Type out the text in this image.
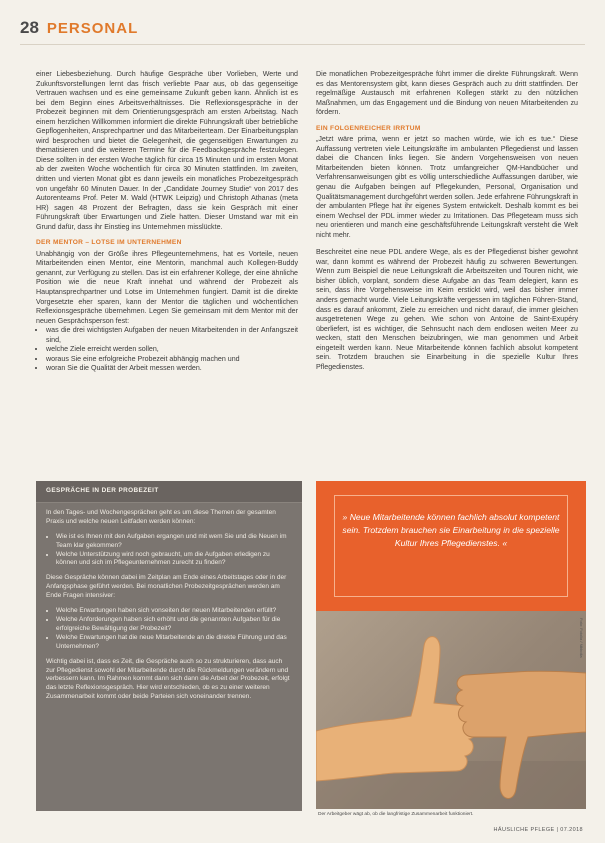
28 PERSONAL

einer Liebesbeziehung. Durch häufige Gespräche über Vorlieben, Werte und Zukunftsvorstellungen lernt das frisch verliebte Paar aus, ob das gegenseitige Vertrauen wachsen und es eine gemeinsame Zukunft geben kann. Ähnlich ist es bei dem Beginn eines Arbeitsverhältnisses. Die Reflexionsgespräche in der Probezeit beginnen mit dem Orientierungsgespräch am ersten Arbeitstag. Nach einem herzlichen Willkommen informiert die direkte Führungskraft über betriebliche Gepflogenheiten, Ansprechpartner und das Mitarbeiterteam. Der Einarbeitungsplan wird besprochen und bietet die Gelegenheit, die gegenseitigen Erwartungen zu thematisieren und die weiteren Termine für die Feedbackgespräche festzulegen. Diese sollten in der ersten Woche täglich für circa 15 Minuten und im ersten Monat ab der zweiten Woche wöchentlich für circa 30 Minuten stattfinden. Im zweiten, dritten und vierten Monat gibt es dann jeweils ein monatliches Probezeitgespräch von ungefähr 60 Minuten Dauer. In der „Candidate Journey Studie“ von 2017 des Autorenteams Prof. Peter M. Wald (HTWK Leipzig) und Christoph Athanas (meta HR) sagen 48 Prozent der Befragten, dass sie kein Gespräch mit einer Führungskraft über Erwartungen und Ziele hatten. Dieser Umstand war mit ein Grund dafür, dass ihr Einstieg ins Unternehmen misslückte.

DER MENTOR – LOTSE IM UNTERNEHMEN

Unabhängig von der Größe ihres Pflegeunternehmens, hat es Vorteile, neuen Mitarbeitenden einen Mentor, eine Mentorin, manchmal auch Kollegen-Buddy genannt, zur Verfügung zu stellen. Das ist ein erfahrener Kollege, der eine ähnliche Position wie die neue Kraft innehat und während der Probezeit als Hauptansprechpartner und Lotse im Unternehmen fungiert. Damit ist die direkte Vorgesetzte eher sparen, kann der Mentor die täglichen und wöchentlichen Reflexionsgespräche übernehmen. Legen Sie gemeinsam mit dem Mentor mit der neuen Gesprächsperson fest:

• was die drei wichtigsten Aufgaben der neuen Mitarbeitenden in der Anfangszeit sind,
• welche Ziele erreicht werden sollen,
• woraus Sie eine erfolgreiche Probezeit abhängig machen und
• woran Sie die Qualität der Arbeit messen werden.

Die monatlichen Probezeitgespräche führt immer die direkte Führungskraft. Wenn es das Mentorensystem gibt, kann dieses Gespräch auch zu dritt stattfinden. Der regelmäßige Austausch mit erfahrenen Kollegen stärkt zu den nützlichen Maßnahmen, um das Engagement und die Bindung von neuen Mitarbeitenden zu fördern.

EIN FOLGENREICHER IRRTUM

„Jetzt wäre prima, wenn er jetzt so machen würde, wie ich es tue.“ Diese Auffassung vertreten viele Leitungskräfte im ambulanten Pflegedienst und lassen dabei die Chancen links liegen. Sie ändern Vorgehensweisen von neuen Mitarbeitenden bieten können. Trotz umfangreicher QM-Handbücher und Verfahrensanweisungen gibt es völlig unterschiedliche Auffassungen darüber, wie genau die Aufgaben beingen auf Pflegekunden, Personal, Organisation und Qualitätsmanagement durchgeführt werden sollen. Jede erfahrene Führungskraft in der ambulanten Pflege hat ihr eigenes System entwickelt. Deshalb kommt es bei einem Wechsel der PDL immer wieder zu Irritationen. Das Pflegeteam muss sich neu orientieren und manch eine geschäftsführende Leitungskraft versteht die Welt nicht mehr.

Beschreitet eine neue PDL andere Wege, als es der Pflegedienst bisher gewohnt war, dann kommt es während der Probezeit häufig zu schweren Bewertungen. Wenn zum Beispiel die neue Leitungskraft die Arbeitszeiten und Touren nicht, wie bisher üblich, vorplant, sondern diese Aufgabe an das Team delegiert, kann es sein, dass ihre Vorgehensweise im Keim erstickt wird, weil das bisher immer anders gemacht wurde. Viele Leitungskräfte vergessen im täglichen Führen-Stand, dass es darauf ankommt, Ziele zu erreichen und nicht darauf, die immer gleichen ausgetretenen Wege zu gehen. Wie schon von Antoine de Saint-Exupéry überliefert, ist es wichtiger, die Sehnsucht nach dem endlosen weiten Meer zu wecken, statt den Menschen beizubringen, wie man genommen und Arbeit eingeteilt werden kann. Neue Mitarbeitende können fachlich absolut kompetent sein. Trotzdem brauchen sie Einarbeitung in die spezielle Kultur Ihres Pflegedienstes.

GESPRÄCHE IN DER PROBEZEIT

In den Tages- und Wochengesprächen geht es um diese Themen der gesamten Praxis und welche neuen Leitfaden werden können:

• Wie ist es Ihnen mit den Aufgaben ergangen und mit wem Sie und die Neuen im Team klar gekommen?
• Welche Unterstützung wird noch gebraucht, um die Aufgaben erledigen zu können und sich im Pflegeunternehmen zurecht zu finden?

Diese Gespräche können dabei im Zeitplan am Ende eines Arbeitstages oder in der Anfangsphase geführt werden. Bei monatlichen Probezeitgesprächen werden am Ende Fragen intensiver:

• Welche Erwartungen haben sich vonseiten der neuen Mitarbeitenden erfüllt?
• Welche Anforderungen haben sich erhöht und die genannten Aufgaben für die erfolgreiche Bewältigung der Probezeit?
• Welche Erwartungen hat die neue Mitarbeitende an die direkte Führung und das Unternehmen?

Wichtig dabei ist, dass es Zeit, die Gespräche auch so zu strukturieren, dass auch zur Pflegedienst sowohl der Mitarbeitende durch die Rückmeldungen verändern und verbessern kann. Im Rahmen kommt dann sich dann die Arbeit der Probezeit, erfolgt das letzte Reflexionsgespräch. Hier wird entschieden, ob es zu einer weiteren Zusammenarbeit kommt oder beide Parteien sich voneinander trennen.

» Neue Mitarbeitende können fachlich absolut kompetent sein. Trotzdem brauchen sie Einarbeitung in die spezielle Kultur Ihres Pflegedienstes. «
Foto: Fotolia / Nikkolia
Der Arbeitgeber wägt ab, ob die langfristige Zusammenarbeit funktioniert.
HÄUSLICHE PFLEGE | 07.2018
